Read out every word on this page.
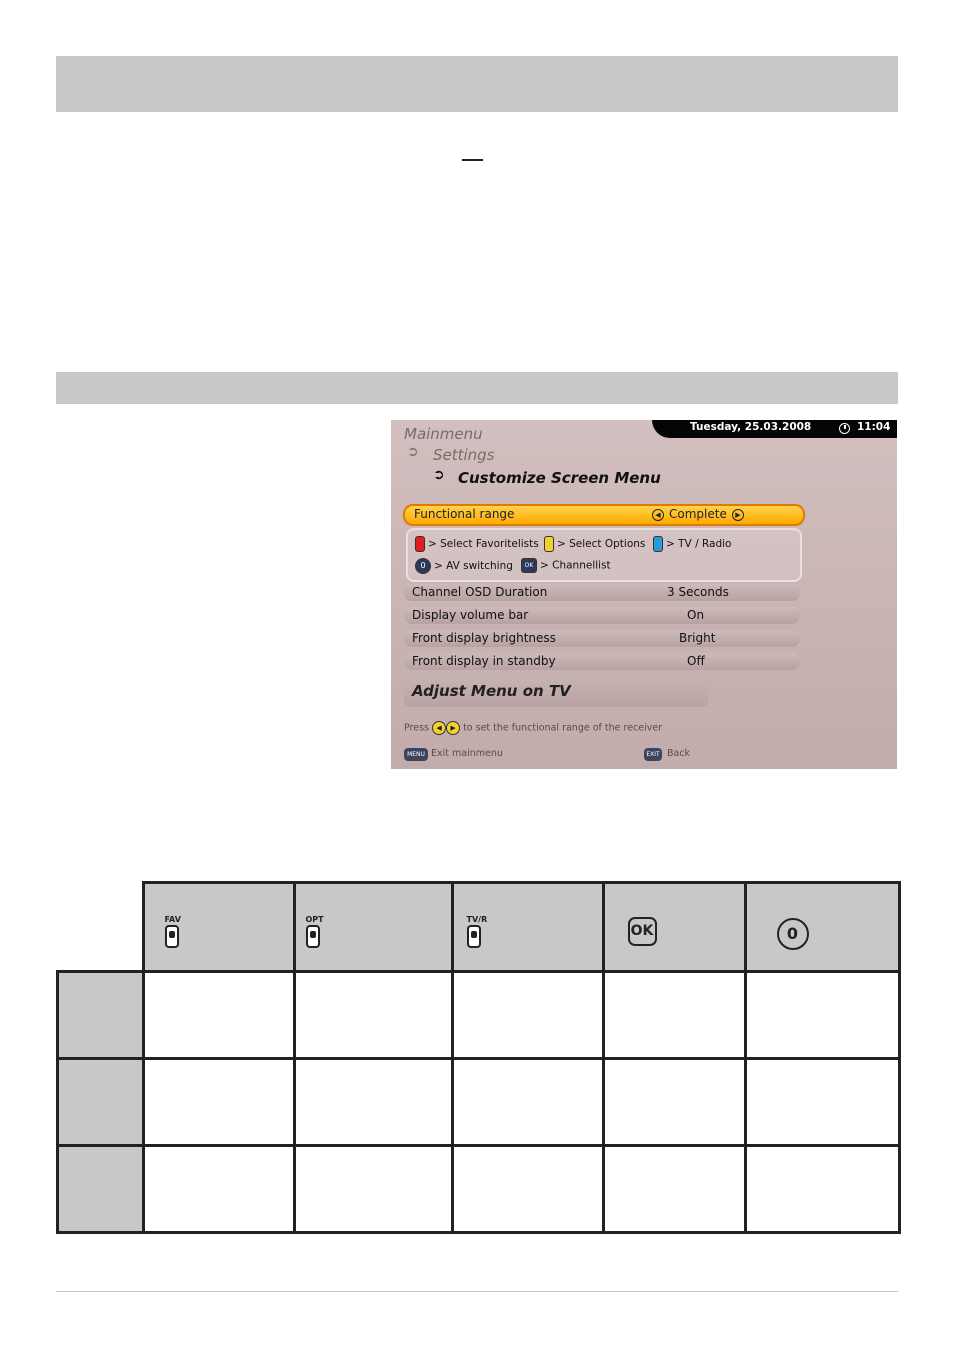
Tuesday, 25.03.2008	11:04
Mainmenu
➲
Settings
➲
Customize Screen Menu
Functional range	◀ Complete	▶
> Select Favoritelists	> Select Options	> TV / Radio
0 > AV switching	OK > Channellist
Channel OSD Duration	3 Seconds
Display volume bar	On
Front display brightness	Bright
Front display in standby	Off
Adjust Menu on TV
Press ◀ ▶ to set the functional range of the receiver
MENU Exit mainmenu	EXIT Back

	FAV	OPT	TV/R	OK	0
